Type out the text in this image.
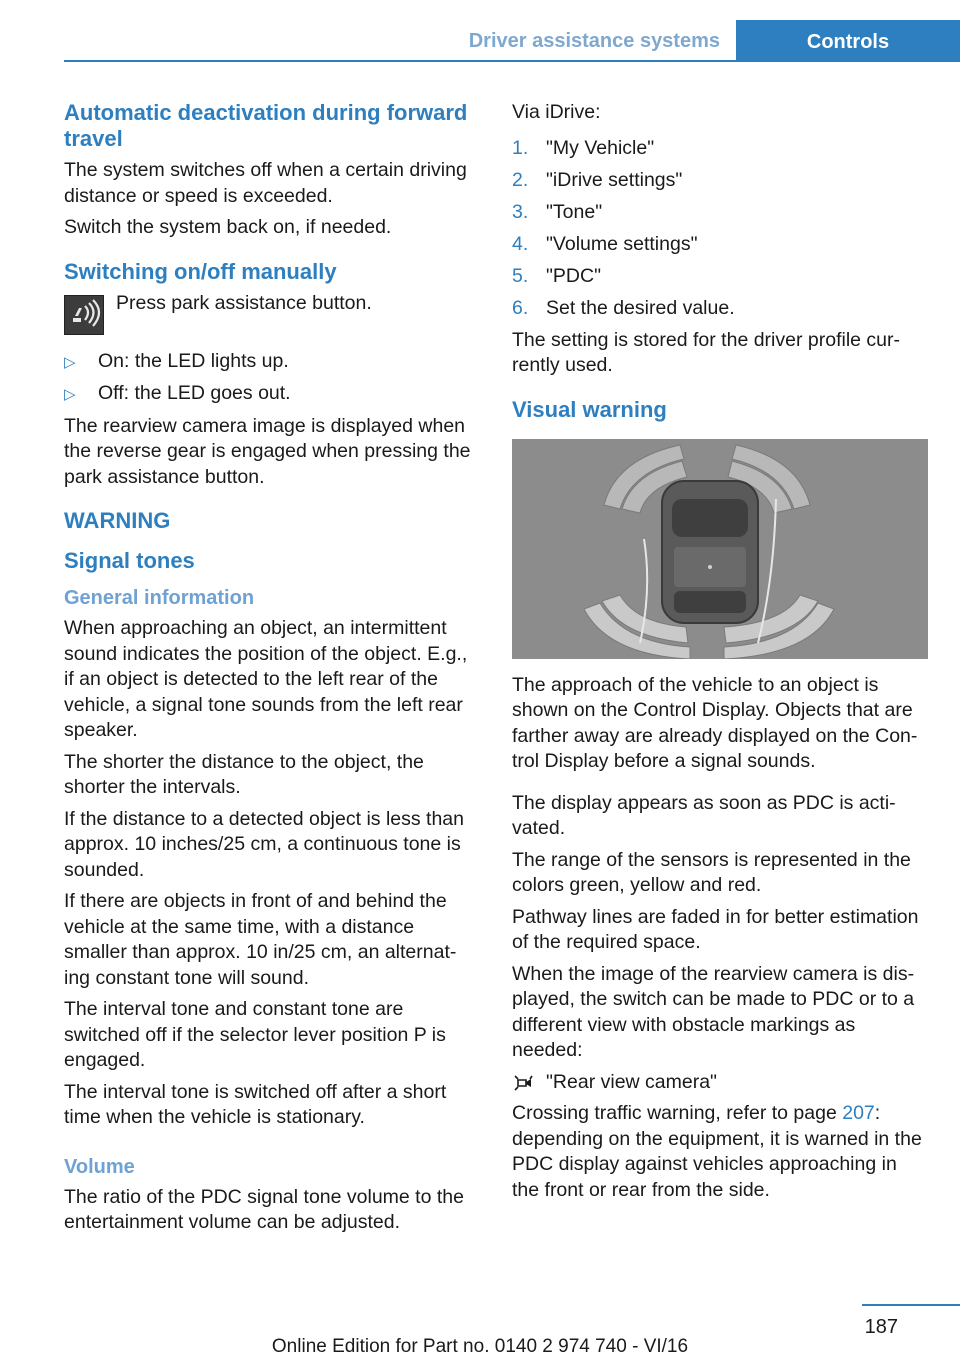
Driver assistance systems	Controls
Automatic deactivation during forward travel

The system switches off when a certain driving distance or speed is exceeded.

Switch the system back on, if needed.

Switching on/off manually

Press park assistance button.

▷ On: the LED lights up.
▷ Off: the LED goes out.

The rearview camera image is displayed when the reverse gear is engaged when pressing the park assistance button.

WARNING
Signal tones
General information

When approaching an object, an intermittent sound indicates the position of the object. E.g., if an object is detected to the left rear of the vehicle, a signal tone sounds from the left rear speaker.

The shorter the distance to the object, the shorter the intervals.

If the distance to a detected object is less than approx. 10 inches/25 cm, a continuous tone is sounded.

If there are objects in front of and behind the vehicle at the same time, with a distance smaller than approx. 10 in/25 cm, an alternat‐ ing constant tone will sound.

The interval tone and constant tone are switched off if the selector lever position P is engaged.

The interval tone is switched off after a short time when the vehicle is stationary.

Volume

The ratio of the PDC signal tone volume to the entertainment volume can be adjusted.

Via iDrive:

1. "My Vehicle"
2. "iDrive settings"
3. "Tone"
4. "Volume settings"
5. "PDC"
6. Set the desired value.

The setting is stored for the driver profile cur‐ rently used.

Visual warning

The approach of the vehicle to an object is shown on the Control Display. Objects that are farther away are already displayed on the Con‐ trol Display before a signal sounds.

The display appears as soon as PDC is acti‐ vated.

The range of the sensors is represented in the colors green, yellow and red.

Pathway lines are faded in for better estimation of the required space.

When the image of the rearview camera is dis‐ played, the switch can be made to PDC or to a different view with obstacle markings as needed:

"Rear view camera"

Crossing traffic warning, refer to page 207: depending on the equipment, it is warned in the PDC display against vehicles approaching in the front or rear from the side.

187
Online Edition for Part no. 0140 2 974 740 - VI/16
